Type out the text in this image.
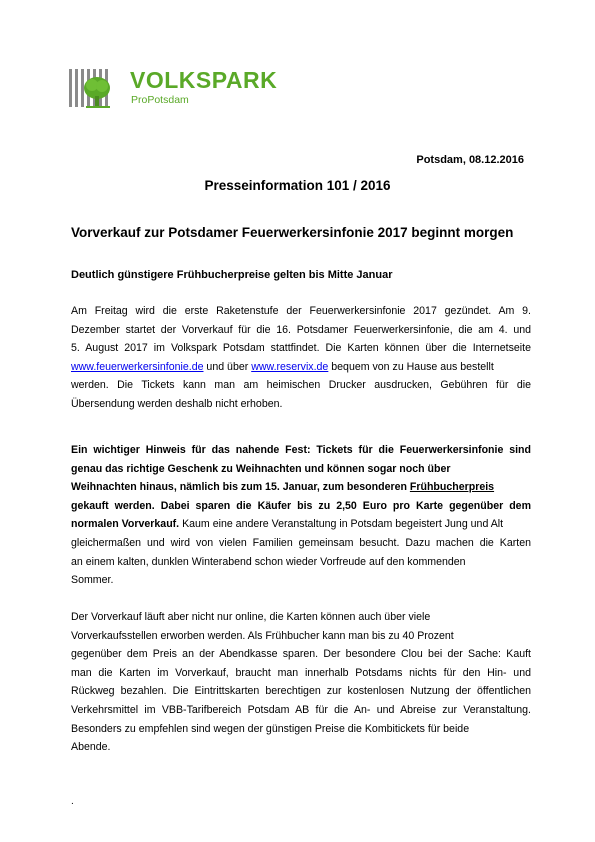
VOLKSPARK
ProPotsdam
Potsdam, 08.12.2016
Presseinformation 101 / 2016
Vorverkauf zur Potsdamer Feuerwerkersinfonie 2017 beginnt morgen
Deutlich günstigere Frühbucherpreise gelten bis Mitte Januar
Am Freitag wird die erste Raketenstufe der Feuerwerkersinfonie 2017 gezündet. Am 9.
Dezember startet der Vorverkauf für die 16. Potsdamer Feuerwerkersinfonie, die am 4. und
5. August 2017 im Volkspark Potsdam stattfindet. Die Karten können über die Internetseite
www.feuerwerkersinfonie.de und über www.reservix.de bequem von zu Hause aus bestellt
werden. Die Tickets kann man am heimischen Drucker ausdrucken, Gebühren für die
Übersendung werden deshalb nicht erhoben.
Ein wichtiger Hinweis für das nahende Fest: Tickets für die Feuerwerkersinfonie sind
genau das richtige Geschenk zu Weihnachten und können sogar noch über
Weihnachten hinaus, nämlich bis zum 15. Januar, zum besonderen Frühbucherpreis
gekauft werden. Dabei sparen die Käufer bis zu 2,50 Euro pro Karte gegenüber dem
normalen Vorverkauf. Kaum eine andere Veranstaltung in Potsdam begeistert Jung und Alt
gleichermaßen und wird von vielen Familien gemeinsam besucht. Dazu machen die Karten
an einem kalten, dunklen Winterabend schon wieder Vorfreude auf den kommenden
Sommer.
Der Vorverkauf läuft aber nicht nur online, die Karten können auch über viele
Vorverkaufsstellen erworben werden. Als Frühbucher kann man bis zu 40 Prozent
gegenüber dem Preis an der Abendkasse sparen. Der besondere Clou bei der Sache: Kauft
man die Karten im Vorverkauf, braucht man innerhalb Potsdams nichts für den Hin- und
Rückweg bezahlen. Die Eintrittskarten berechtigen zur kostenlosen Nutzung der öffentlichen
Verkehrsmittel im VBB-Tarifbereich Potsdam AB für die An- und Abreise zur Veranstaltung.
Besonders zu empfehlen sind wegen der günstigen Preise die Kombitickets für beide
Abende.
.
